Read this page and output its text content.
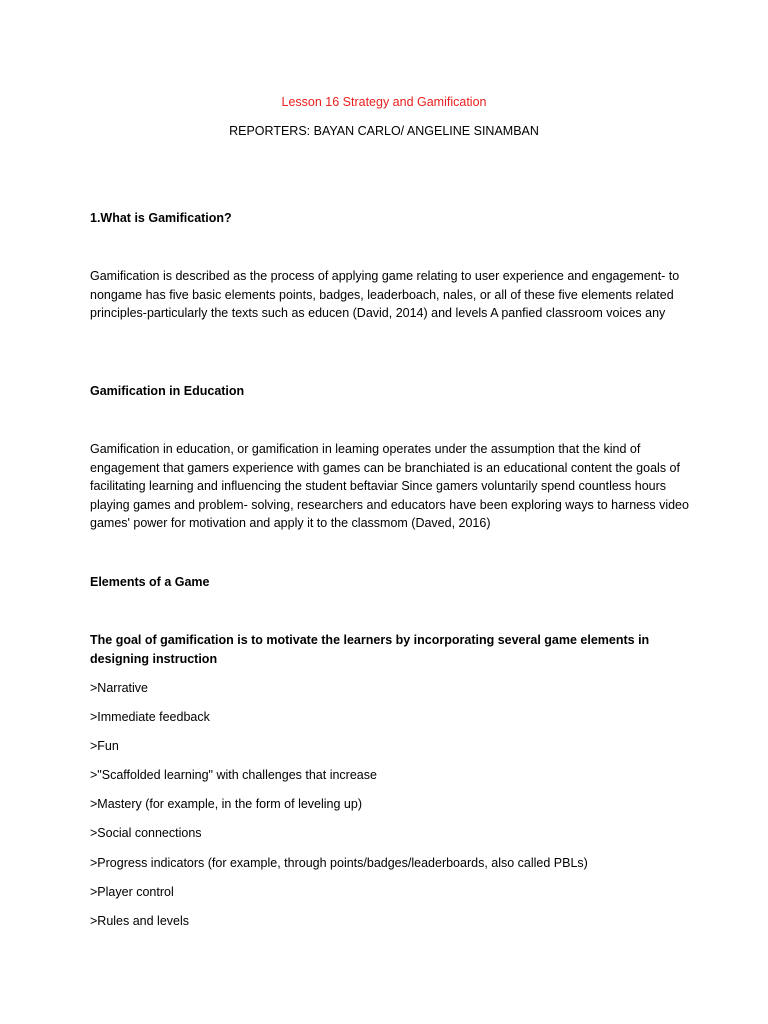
Lesson 16 Strategy and Gamification
REPORTERS: BAYAN CARLO/ ANGELINE SINAMBAN
1.What is Gamification?
Gamification is described as the process of applying game relating to user experience and engagement- to nongame has five basic elements points, badges, leaderboach, nales, or all of these five elements related principles-particularly the texts such as educen (David, 2014) and levels A panfied classroom voices any
Gamification in Education
Gamification in education, or gamification in leaming operates under the assumption that the kind of engagement that gamers experience with games can be branchiated is an educational content the goals of facilitating learning and influencing the student beftaviar Since gamers voluntarily spend countless hours playing games and problem- solving, researchers and educators have been exploring ways to harness video games' power for motivation and apply it to the classmom (Daved, 2016)
Elements of a Game
The goal of gamification is to motivate the learners by incorporating several game elements in designing instruction
>Narrative
>Immediate feedback
>Fun
>"Scaffolded learning" with challenges that increase
>Mastery (for example, in the form of leveling up)
>Social connections
>Progress indicators (for example, through points/badges/leaderboards, also called PBLs)
>Player control
>Rules and levels
